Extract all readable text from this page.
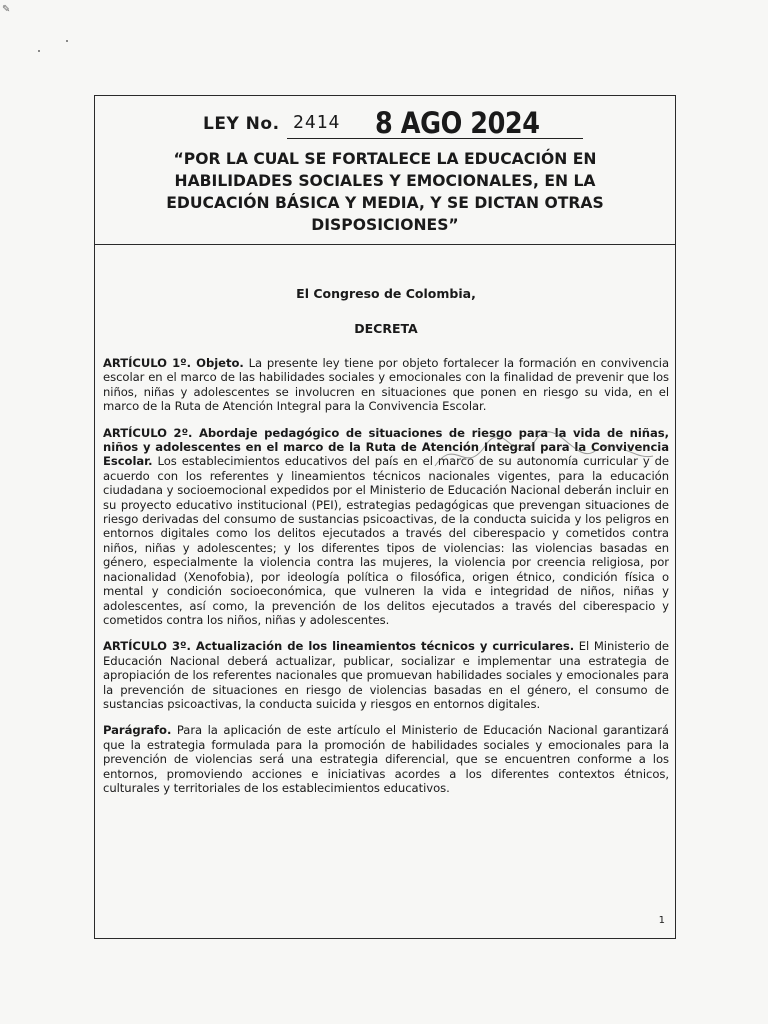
✎
LEY No. 2414 8 AGO 2024
“POR LA CUAL SE FORTALECE LA EDUCACIÓN EN HABILIDADES SOCIALES Y EMOCIONALES, EN LA EDUCACIÓN BÁSICA Y MEDIA, Y SE DICTAN OTRAS DISPOSICIONES”
El Congreso de Colombia,
DECRETA

ARTÍCULO 1º. Objeto. La presente ley tiene por objeto fortalecer la formación en convivencia escolar en el marco de las habilidades sociales y emocionales con la finalidad de prevenir que los niños, niñas y adolescentes se involucren en situaciones que ponen en riesgo su vida, en el marco de la Ruta de Atención Integral para la Convivencia Escolar.

ARTÍCULO 2º. Abordaje pedagógico de situaciones de riesgo para la vida de niñas, niños y adolescentes en el marco de la Ruta de Atención Integral para la Convivencia Escolar. Los establecimientos educativos del país en el marco de su autonomía curricular y de acuerdo con los referentes y lineamientos técnicos nacionales vigentes, para la educación ciudadana y socioemocional expedidos por el Ministerio de Educación Nacional deberán incluir en su proyecto educativo institucional (PEI), estrategias pedagógicas que prevengan situaciones de riesgo derivadas del consumo de sustancias psicoactivas, de la conducta suicida y los peligros en entornos digitales como los delitos ejecutados a través del ciberespacio y cometidos contra niños, niñas y adolescentes; y los diferentes tipos de violencias: las violencias basadas en género, especialmente la violencia contra las mujeres, la violencia por creencia religiosa, por nacionalidad (Xenofobia), por ideología política o filosófica, origen étnico, condición física o mental y condición socioeconómica, que vulneren la vida e integridad de niños, niñas y adolescentes, así como, la prevención de los delitos ejecutados a través del ciberespacio y cometidos contra los niños, niñas y adolescentes.

ARTÍCULO 3º. Actualización de los lineamientos técnicos y curriculares. El Ministerio de Educación Nacional deberá actualizar, publicar, socializar e implementar una estrategia de apropiación de los referentes nacionales que promuevan habilidades sociales y emocionales para la prevención de situaciones en riesgo de violencias basadas en el género, el consumo de sustancias psicoactivas, la conducta suicida y riesgos en entornos digitales.

Parágrafo. Para la aplicación de este artículo el Ministerio de Educación Nacional garantizará que la estrategia formulada para la promoción de habilidades sociales y emocionales para la prevención de violencias será una estrategia diferencial, que se encuentren conforme a los entornos, promoviendo acciones e iniciativas acordes a los diferentes contextos étnicos, culturales y territoriales de los establecimientos educativos.

1
